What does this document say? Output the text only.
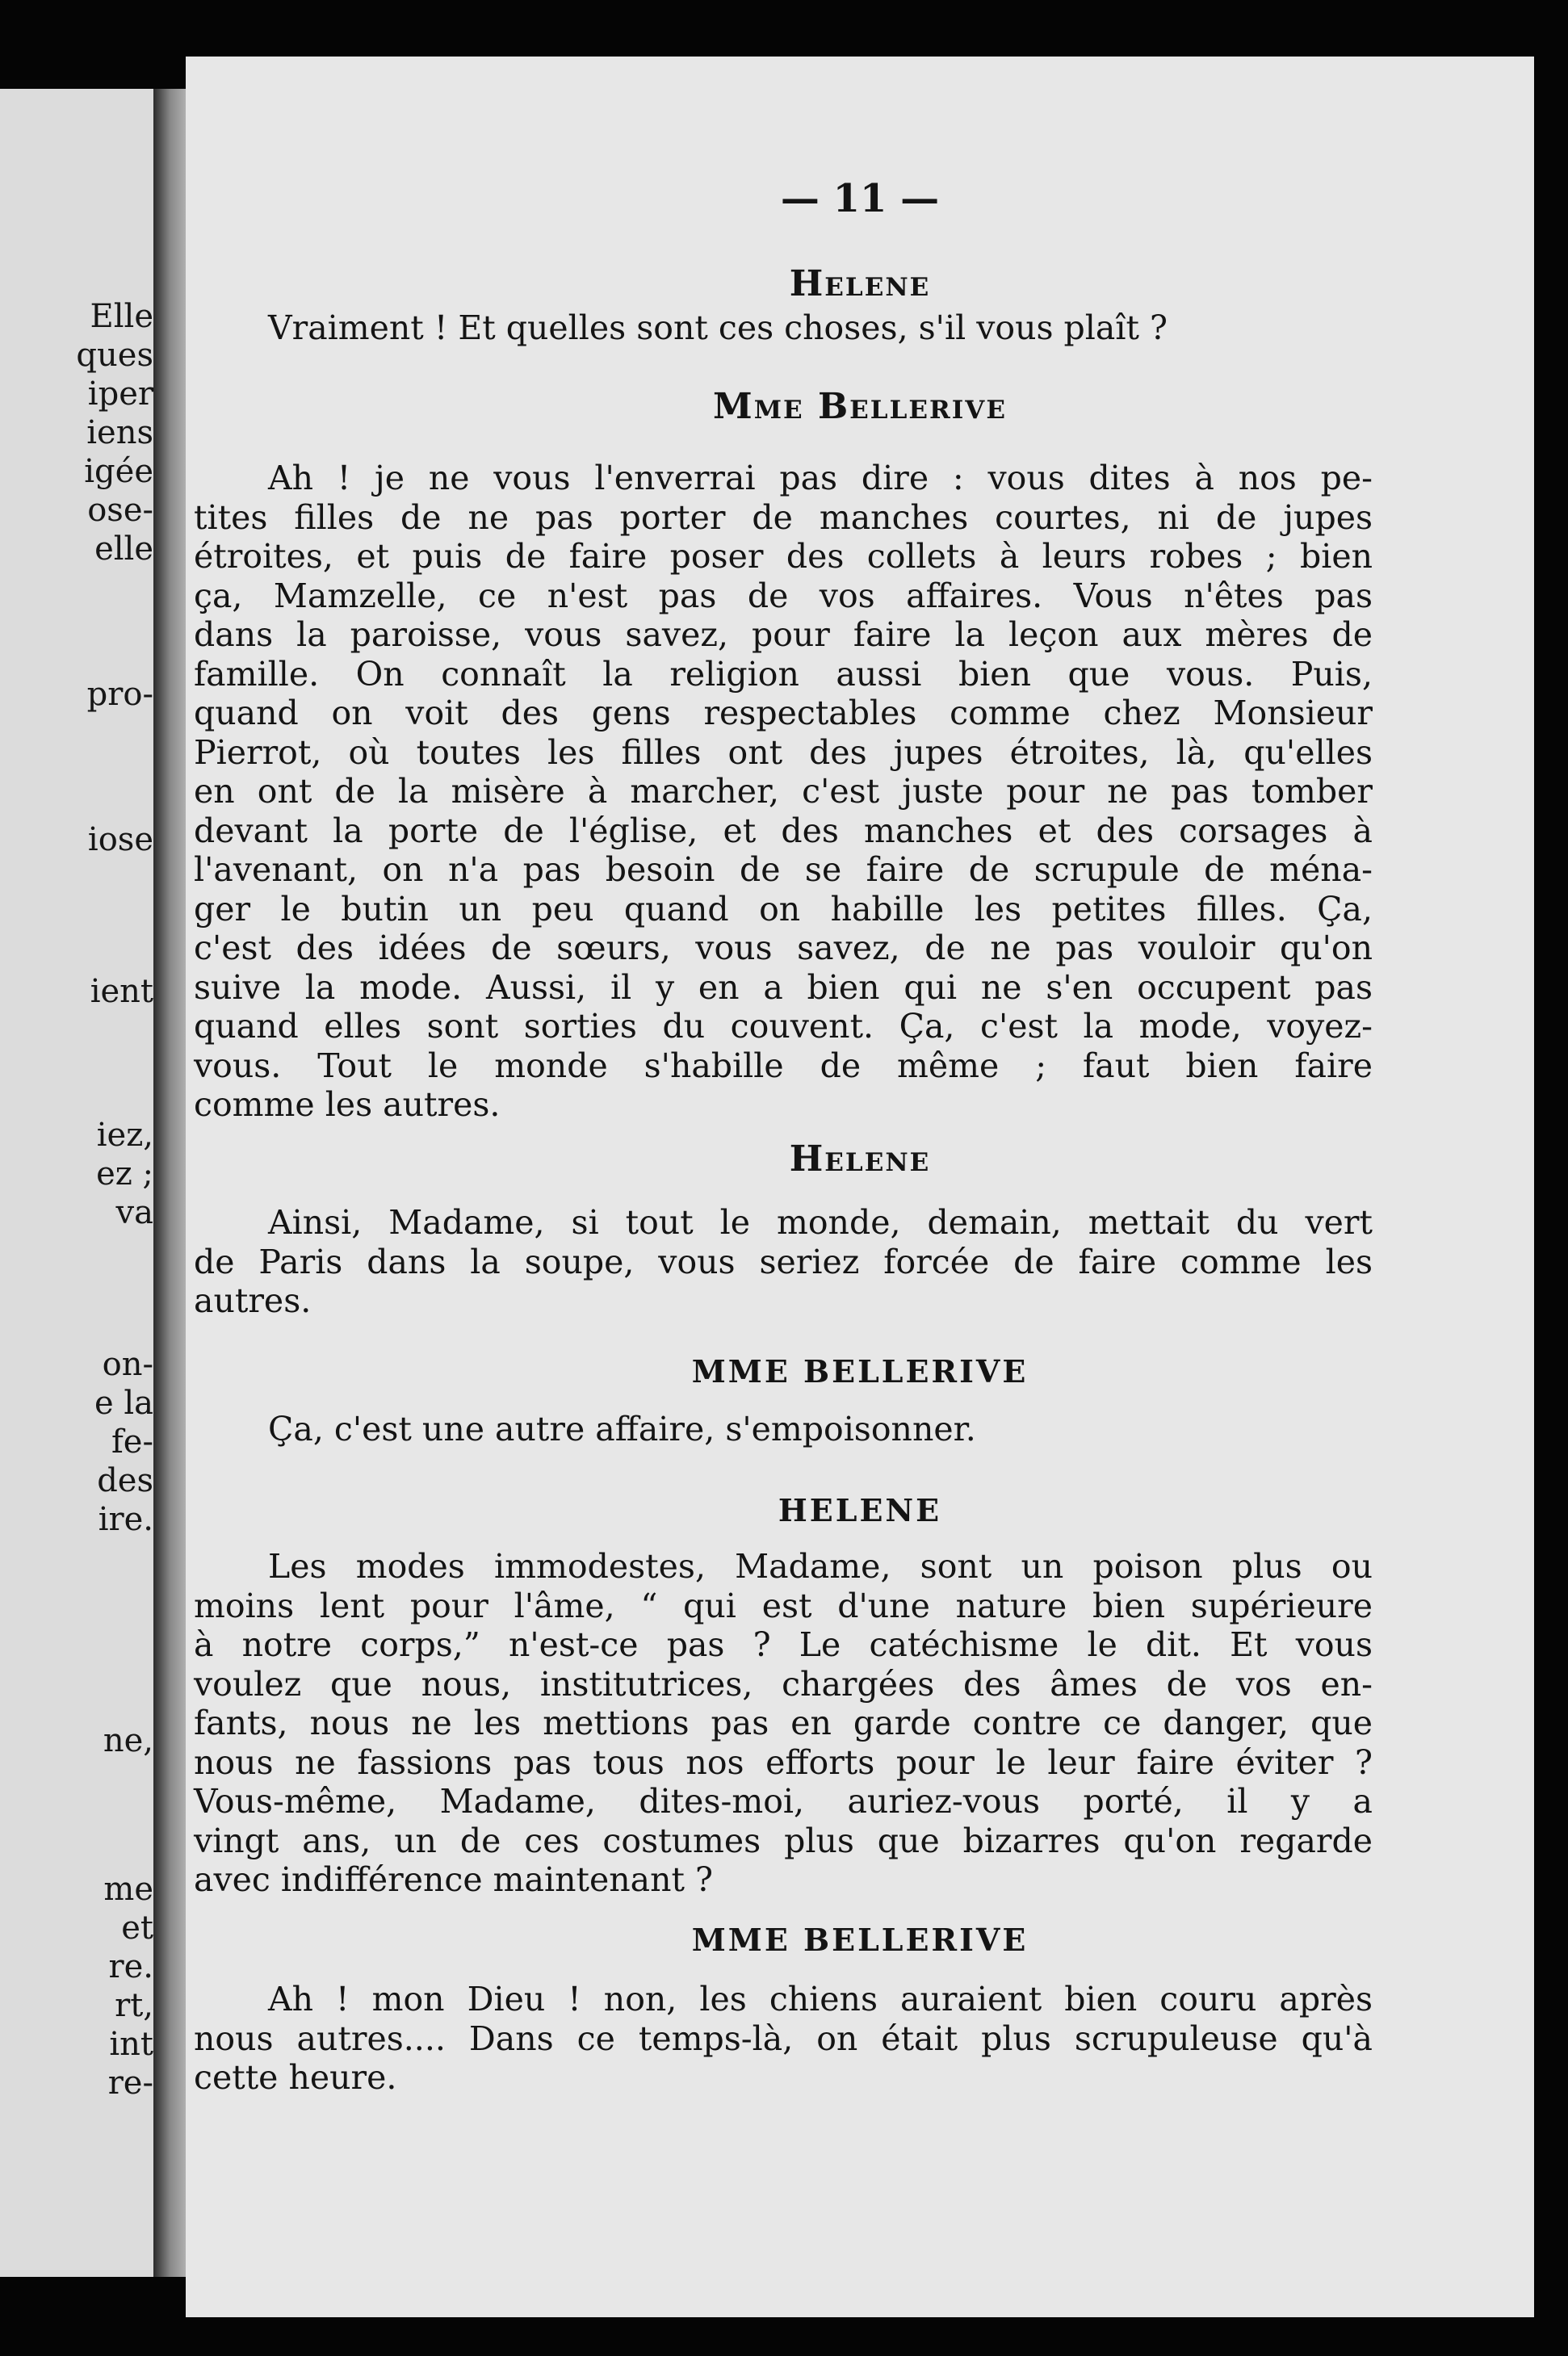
Elle
ques
iper
iens
igée
ose-
elle
pro-
iose
ient
iez,
ez ;
va
on-
e la
fe-
des
ire.
ne,
me
et
re.
rt,
int
re-

— 11 —

Helene

Vraiment ! Et quelles sont ces choses, s'il vous plaît ?

Mme Bellerive

Ah ! je ne vous l'enverrai pas dire : vous dites à nos pe-
tites filles de ne pas porter de manches courtes, ni de jupes
étroites, et puis de faire poser des collets à leurs robes ; bien
ça, Mamzelle, ce n'est pas de vos affaires. Vous n'êtes pas
dans la paroisse, vous savez, pour faire la leçon aux mères de
famille. On connaît la religion aussi bien que vous. Puis,
quand on voit des gens respectables comme chez Monsieur
Pierrot, où toutes les filles ont des jupes étroites, là, qu'elles
en ont de la misère à marcher, c'est juste pour ne pas tomber
devant la porte de l'église, et des manches et des corsages à
l'avenant, on n'a pas besoin de se faire de scrupule de ména-
ger le butin un peu quand on habille les petites filles. Ça,
c'est des idées de sœurs, vous savez, de ne pas vouloir qu'on
suive la mode. Aussi, il y en a bien qui ne s'en occupent pas
quand elles sont sorties du couvent. Ça, c'est la mode, voyez-
vous. Tout le monde s'habille de même ; faut bien faire
comme les autres.

Helene

Ainsi, Madame, si tout le monde, demain, mettait du vert
de Paris dans la soupe, vous seriez forcée de faire comme les
autres.

MME BELLERIVE

Ça, c'est une autre affaire, s'empoisonner.

HELENE

Les modes immodestes, Madame, sont un poison plus ou
moins lent pour l'âme, “ qui est d'une nature bien supérieure
à notre corps,” n'est-ce pas ? Le catéchisme le dit. Et vous
voulez que nous, institutrices, chargées des âmes de vos en-
fants, nous ne les mettions pas en garde contre ce danger, que
nous ne fassions pas tous nos efforts pour le leur faire éviter ?
Vous-même, Madame, dites-moi, auriez-vous porté, il y a
vingt ans, un de ces costumes plus que bizarres qu'on regarde
avec indifférence maintenant ?

MME BELLERIVE

Ah ! mon Dieu ! non, les chiens auraient bien couru après
nous autres.... Dans ce temps-là, on était plus scrupuleuse qu'à
cette heure.
